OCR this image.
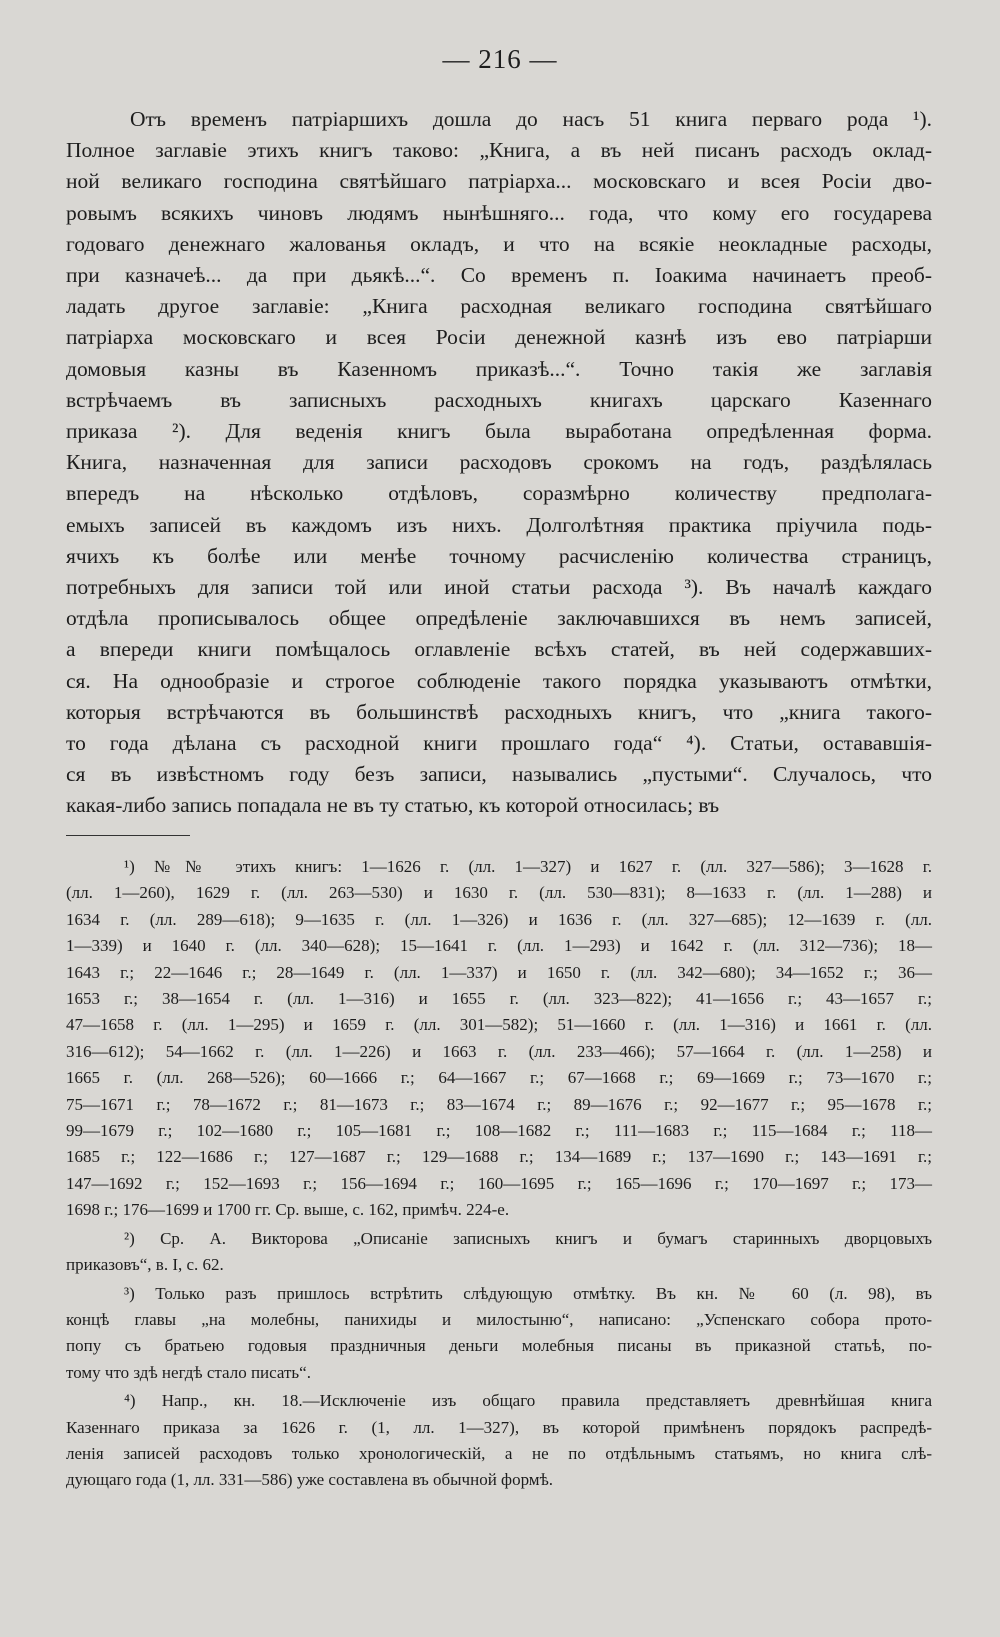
— 216 —
Отъ временъ патріаршихъ дошла до насъ 51 книга перваго рода ¹).
Полное заглавіе этихъ книгъ таково: „Книга, а въ ней писанъ расходъ оклад-
ной великаго господина святѣйшаго патріарха... московскаго и всея Росіи дво-
ровымъ всякихъ чиновъ людямъ нынѣшняго... года, что кому его государева
годоваго денежнаго жалованья окладъ, и что на всякіе неокладные расходы,
при казначеѣ... да при дьякѣ...“. Со временъ п. Іоакима начинаетъ преоб-
ладать другое заглавіе: „Книга расходная великаго господина святѣйшаго
патріарха московскаго и всея Росіи денежной казнѣ изъ ево патріарши
домовыя казны въ Казенномъ приказѣ...“. Точно такія же заглавія
встрѣчаемъ въ записныхъ расходныхъ книгахъ царскаго Казеннаго
приказа ²). Для веденія книгъ была выработана опредѣленная форма.
Книга, назначенная для записи расходовъ срокомъ на годъ, раздѣлялась
впередъ на нѣсколько отдѣловъ, соразмѣрно количеству предполага-
емыхъ записей въ каждомъ изъ нихъ. Долголѣтняя практика пріучила подь-
ячихъ къ болѣе или менѣе точному расчисленію количества страницъ,
потребныхъ для записи той или иной статьи расхода ³). Въ началѣ каждаго
отдѣла прописывалось общее опредѣленіе заключавшихся въ немъ записей,
а впереди книги помѣщалось оглавленіе всѣхъ статей, въ ней содержавших-
ся. На однообразіе и строгое соблюденіе такого порядка указываютъ отмѣтки,
которыя встрѣчаются въ большинствѣ расходныхъ книгъ, что „книга такого-
то года дѣлана съ расходной книги прошлаго года“ ⁴). Статьи, остававшія-
ся въ извѣстномъ году безъ записи, назывались „пустыми“. Случалось, что
какая-либо запись попадала не въ ту статью, къ которой относилась; въ
¹) №№ этихъ книгъ: 1—1626 г. (лл. 1—327) и 1627 г. (лл. 327—586); 3—1628 г.
(лл. 1—260), 1629 г. (лл. 263—530) и 1630 г. (лл. 530—831); 8—1633 г. (лл. 1—288) и
1634 г. (лл. 289—618); 9—1635 г. (лл. 1—326) и 1636 г. (лл. 327—685); 12—1639 г. (лл.
1—339) и 1640 г. (лл. 340—628); 15—1641 г. (лл. 1—293) и 1642 г. (лл. 312—736); 18—
1643 г.; 22—1646 г.; 28—1649 г. (лл. 1—337) и 1650 г. (лл. 342—680); 34—1652 г.; 36—
1653 г.; 38—1654 г. (лл. 1—316) и 1655 г. (лл. 323—822); 41—1656 г.; 43—1657 г.;
47—1658 г. (лл. 1—295) и 1659 г. (лл. 301—582); 51—1660 г. (лл. 1—316) и 1661 г. (лл.
316—612); 54—1662 г. (лл. 1—226) и 1663 г. (лл. 233—466); 57—1664 г. (лл. 1—258) и
1665 г. (лл. 268—526); 60—1666 г.; 64—1667 г.; 67—1668 г.; 69—1669 г.; 73—1670 г.;
75—1671 г.; 78—1672 г.; 81—1673 г.; 83—1674 г.; 89—1676 г.; 92—1677 г.; 95—1678 г.;
99—1679 г.; 102—1680 г.; 105—1681 г.; 108—1682 г.; 111—1683 г.; 115—1684 г.; 118—
1685 г.; 122—1686 г.; 127—1687 г.; 129—1688 г.; 134—1689 г.; 137—1690 г.; 143—1691 г.;
147—1692 г.; 152—1693 г.; 156—1694 г.; 160—1695 г.; 165—1696 г.; 170—1697 г.; 173—
1698 г.; 176—1699 и 1700 гг. Ср. выше, с. 162, примѣч. 224-е.
²) Ср. А. Викторова „Описаніе записныхъ книгъ и бумагъ старинныхъ дворцовыхъ
приказовъ“, в. I, с. 62.
³) Только разъ пришлось встрѣтить слѣдующую отмѣтку. Въ кн. № 60 (л. 98), въ
концѣ главы „на молебны, панихиды и милостыню“, написано: „Успенскаго собора прото-
попу съ братьею годовыя праздничныя деньги молебныя писаны въ приказной статьѣ, по-
тому что здѣ негдѣ стало писать“.
⁴) Напр., кн. 18.—Исключеніе изъ общаго правила представляетъ древнѣйшая книга
Казеннаго приказа за 1626 г. (1, лл. 1—327), въ которой примѣненъ порядокъ распредѣ-
ленія записей расходовъ только хронологическій, а не по отдѣльнымъ статьямъ, но книга слѣ-
дующаго года (1, лл. 331—586) уже составлена въ обычной формѣ.
